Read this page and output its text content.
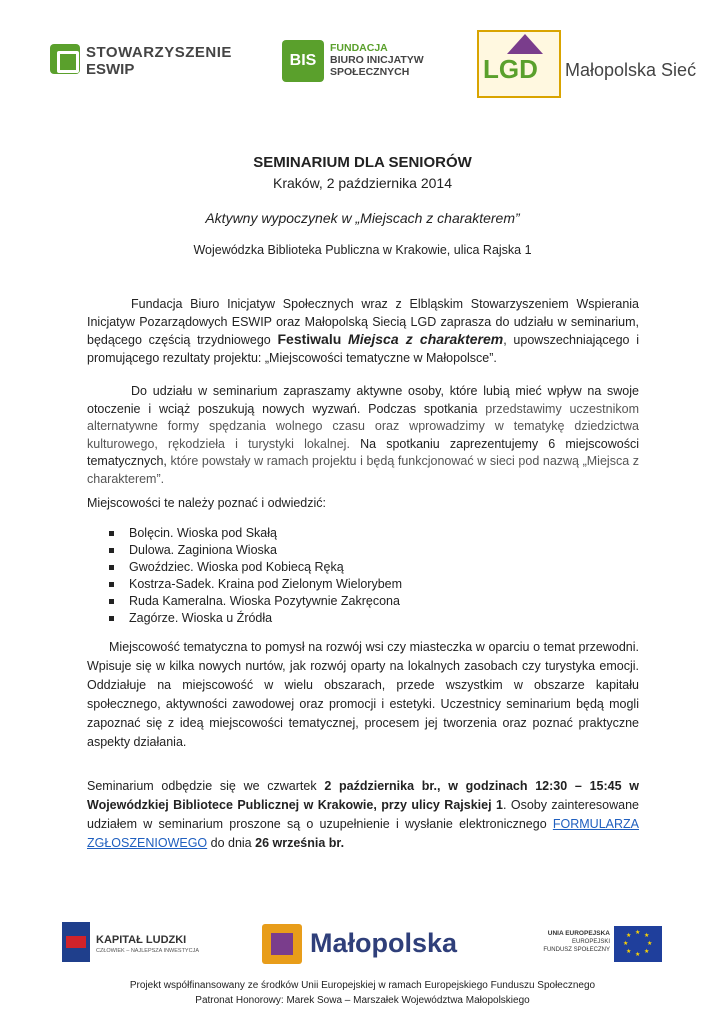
STOWARZYSZENIE
ESWIP
BIS
FUNDACJA
BIURO INICJATYW
SPOŁECZNYCH	LGD Małopolska Sieć
SEMINARIUM DLA SENIORÓW
Kraków, 2 października 2014
Aktywny wypoczynek w „Miejscach z charakterem”
Wojewódzka Biblioteka Publiczna w Krakowie, ulica Rajska 1
Fundacja Biuro Inicjatyw Społecznych wraz z Elbląskim Stowarzyszeniem Wspierania Inicjatyw Pozarządowych ESWIP oraz Małopolską Siecią LGD zaprasza do udziału w seminarium, będącego częścią trzydniowego Festiwalu Miejsca z charakterem, upowszechniającego i promującego rezultaty projektu: „Miejscowości tematyczne w Małopolsce”.
Do udziału w seminarium zapraszamy aktywne osoby, które lubią mieć wpływ na swoje otoczenie i wciąż poszukują nowych wyzwań. Podczas spotkania przedstawimy uczestnikom alternatywne formy spędzania wolnego czasu oraz wprowadzimy w tematykę dziedzictwa kulturowego, rękodzieła i turystyki lokalnej. Na spotkaniu zaprezentujemy 6 miejscowości tematycznych, które powstały w ramach projektu i będą funkcjonować w sieci pod nazwą „Miejsca z charakterem”.
Miejscowości te należy poznać i odwiedzić:
Bolęcin. Wioska pod Skałą
Dulowa. Zaginiona Wioska
Gwoździec. Wioska pod Kobiecą Ręką
Kostrza-Sadek. Kraina pod Zielonym Wielorybem
Ruda Kameralna. Wioska Pozytywnie Zakręcona
Zagórze. Wioska u Źródła
Miejscowość tematyczna to pomysł na rozwój wsi czy miasteczka w oparciu o temat przewodni. Wpisuje się w kilka nowych nurtów, jak rozwój oparty na lokalnych zasobach czy turystyka emocji. Oddziałuje na miejscowość w wielu obszarach, przede wszystkim w obszarze kapitału społecznego, aktywności zawodowej oraz promocji i estetyki. Uczestnicy seminarium będą mogli zapoznać się z ideą miejscowości tematycznej, procesem jej tworzenia oraz poznać praktyczne aspekty działania.
Seminarium odbędzie się we czwartek 2 października br., w godzinach 12:30 – 15:45 w Wojewódzkiej Bibliotece Publicznej w Krakowie, przy ulicy Rajskiej 1. Osoby zainteresowane udziałem w seminarium proszone są o uzupełnienie i wysłanie elektronicznego FORMULARZA ZGŁOSZENIOWEGO do dnia 26 września br.
KAPITAŁ LUDZKI
CZŁOWIEK – NAJLEPSZA INWESTYCJA	Małopolska	UNIA EUROPEJSKA
EUROPEJSKI
FUNDUSZ SPOŁECZNY
★ ★
★
★
★
★
★
★
Projekt współfinansowany ze środków Unii Europejskiej w ramach Europejskiego Funduszu Społecznego
Patronat Honorowy: Marek Sowa – Marszałek Województwa Małopolskiego
